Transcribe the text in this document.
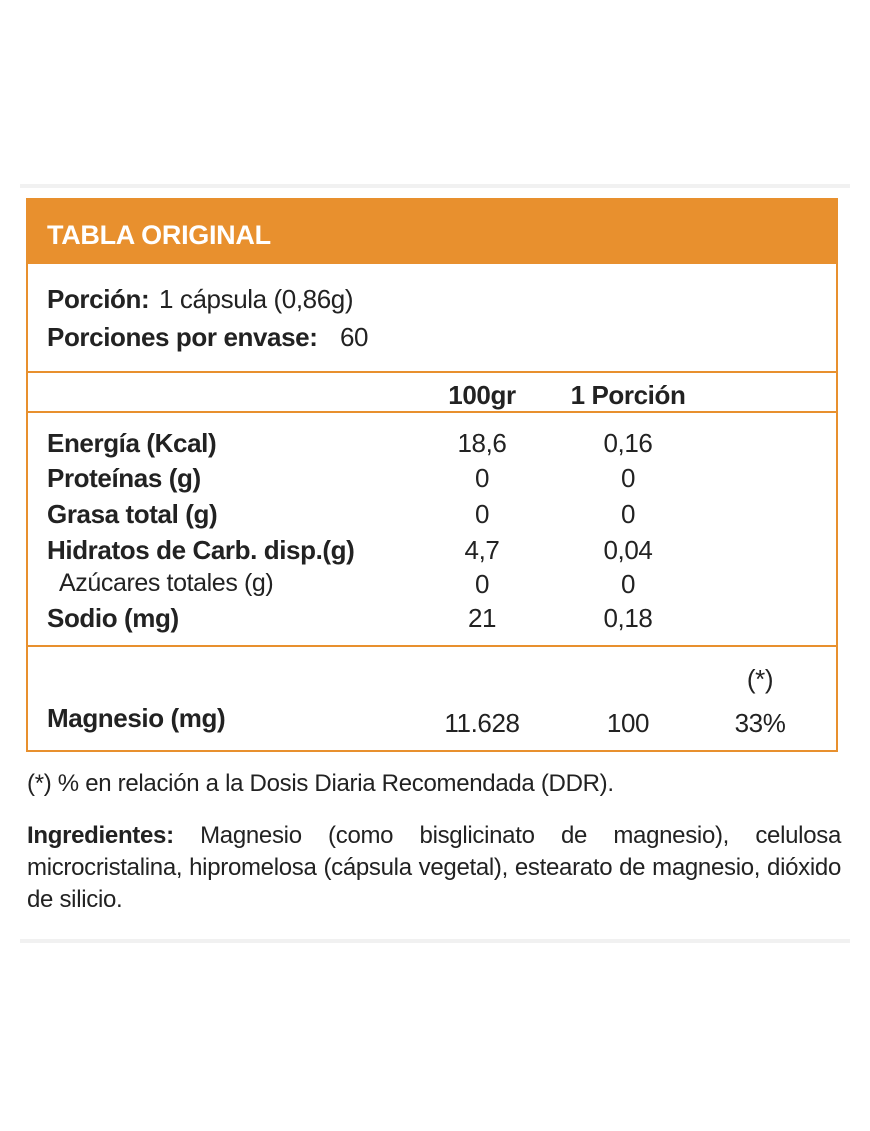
TABLA ORIGINAL
Porción: 1 cápsula (0,86g)
Porciones por envase: 60
100gr	1 Porción
Energía (Kcal)	18,6	0,16
Proteínas (g)	0	0
Grasa total (g)	0	0
Hidratos de Carb. disp.(g)	4,7	0,04
Azúcares totales (g)	0	0
Sodio (mg)	21	0,18
(*)
Magnesio (mg)	11.628	100	33%
(*) % en relación a la Dosis Diaria Recomendada (DDR).
Ingredientes: Magnesio (como bisglicinato de magnesio), celulosa microcristalina, hipromelosa (cápsula vegetal), estearato de magnesio, dióxido de silicio.
